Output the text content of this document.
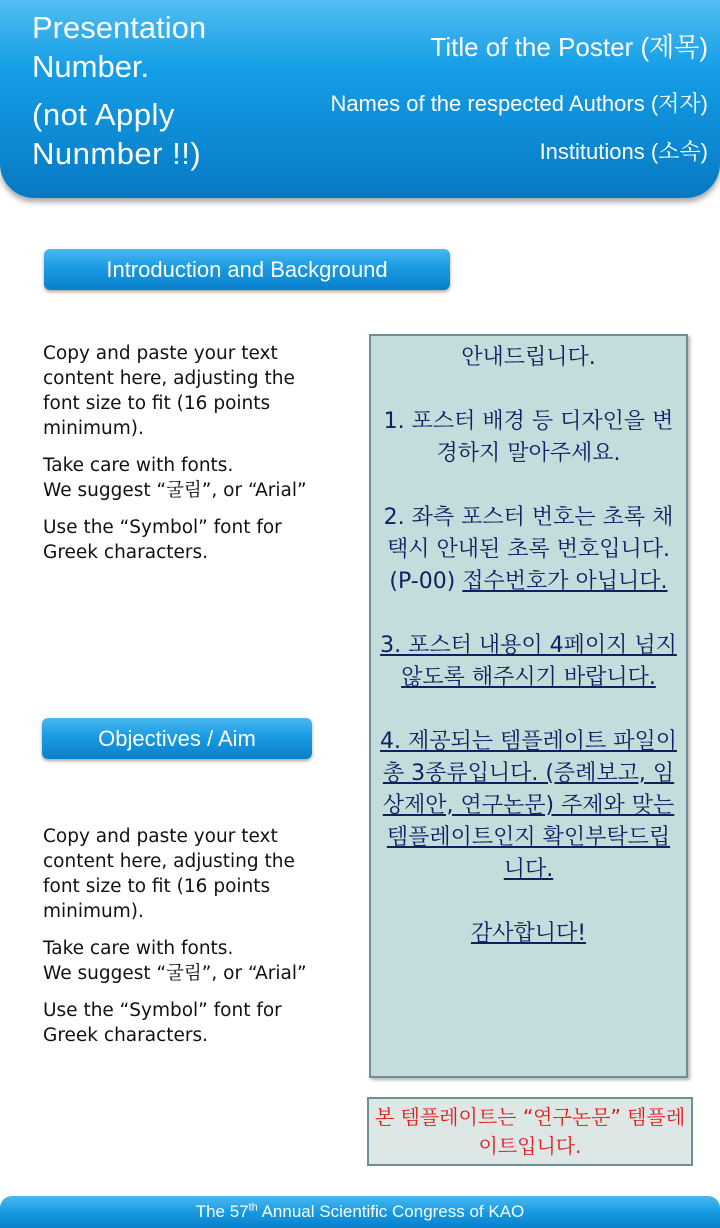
Presentation Number.
(not Apply Nunmber !!)
Title of the Poster (제목)
Names of the respected Authors (저자)
Institutions (소속)
Introduction and Background

Copy and paste your text content here, adjusting the font size to fit (16 points minimum).

Take care with fonts.
We suggest “굴림”, or “Arial”

Use the “Symbol” font for Greek characters.

Objectives / Aim

Copy and paste your text content here, adjusting the font size to fit (16 points minimum).

Take care with fonts.
We suggest “굴림”, or “Arial”

Use the “Symbol” font for Greek characters.

안내드립니다.

1. 포스터 배경 등 디자인을 변경하지 말아주세요.

2. 좌측 포스터 번호는 초록 채택시 안내된 초록 번호입니다. (P-00) 접수번호가 아닙니다.

3. 포스터 내용이 4페이지 넘지 않도록 해주시기 바랍니다.

4. 제공되는 템플레이트 파일이 총 3종류입니다. (증례보고, 임상제안, 연구논문) 주제와 맞는 템플레이트인지 확인부탁드립니다.

감사합니다!

본 템플레이트는 “연구논문” 템플레이트입니다.
The 57th Annual Scientific Congress of KAO
